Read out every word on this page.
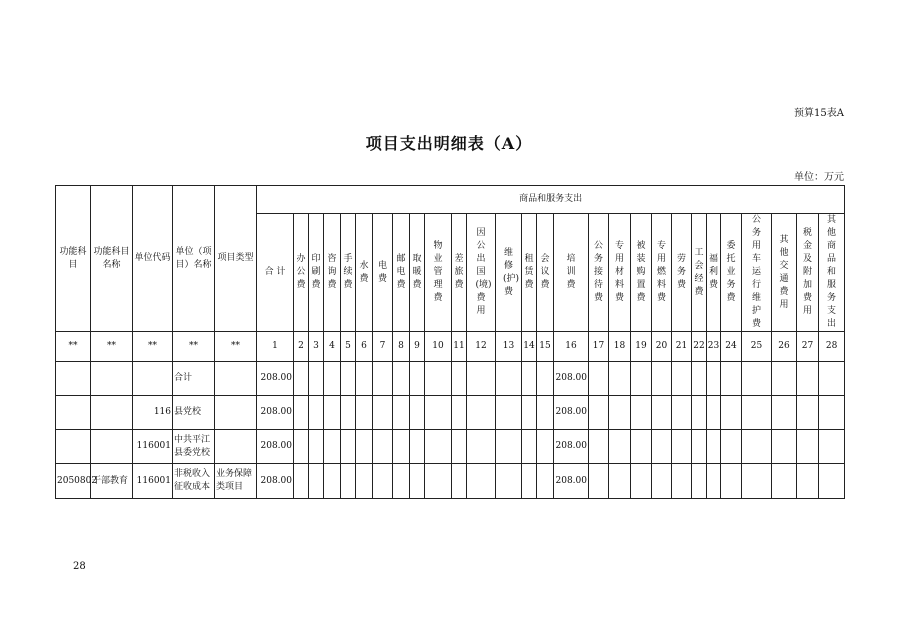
预算15表A
项目支出明细表（A）
单位：万元
功能科目	功能科目名称	单位代码	单位（项目）名称	项目类型	商品和服务支出																											
					合 计	办公费	印刷费	咨询费	手续费	水费	电费	邮电费	取暖费	物业管理费	差旅费	因公出国(境)费用	维修(护)费	租赁费	会议费	培训费	公务接待费	专用材料费	被装购置费	专用燃料费	劳务费	工会经费	福利费	委托业务费	公务用车运行维护费	其他交通费用	税金及附加费用	其他商品和服务支出
**	**	**	**	**	1	2	3	4	5	6	7	8	9	10	11	12	13	14	15	16	17	18	19	20	21	22	23	24	25	26	27	28
			合计		208.00															208.00												
		116	县党校		208.00															208.00												
		116001	中共平江县委党校		208.00															208.00												
2050802	干部教育	116001	非税收入征收成本	业务保障类项目	208.00															208.00												
28
